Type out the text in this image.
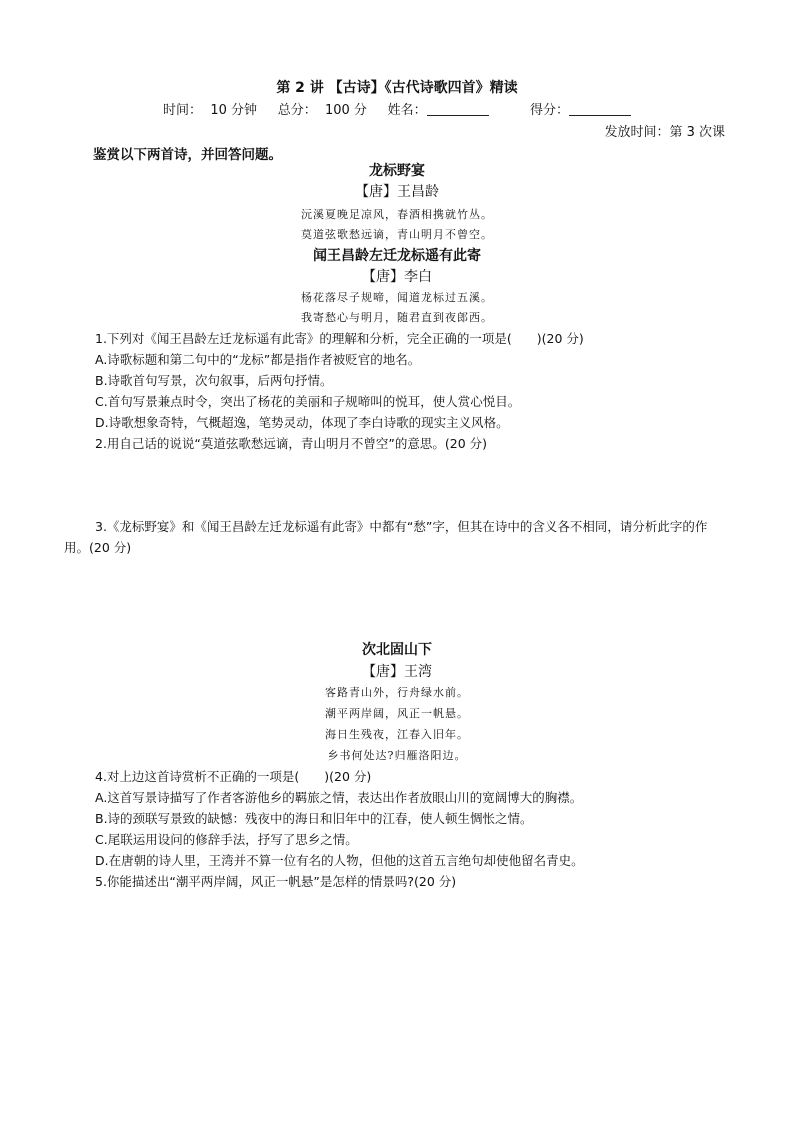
第 2 讲 【古诗】《古代诗歌四首》精读
时间： 10 分钟 总分： 100 分 姓名：	得分：
发放时间：第 3 次课
鉴赏以下两首诗，并回答问题。
龙标野宴
【唐】王昌龄
沅溪夏晚足凉风，春酒相携就竹丛。
莫道弦歌愁远谪，青山明月不曾空。
闻王昌龄左迁龙标遥有此寄
【唐】李白
杨花落尽子规啼，闻道龙标过五溪。
我寄愁心与明月，随君直到夜郎西。
1.下列对《闻王昌龄左迁龙标遥有此寄》的理解和分析，完全正确的一项是(　　)(20 分)
A.诗歌标题和第二句中的“龙标”都是指作者被贬官的地名。
B.诗歌首句写景，次句叙事，后两句抒情。
C.首句写景兼点时令，突出了杨花的美丽和子规啼叫的悦耳，使人赏心悦目。
D.诗歌想象奇特，气概超逸，笔势灵动，体现了李白诗歌的现实主义风格。
2.用自己话的说说“莫道弦歌愁远谪，青山明月不曾空”的意思。(20 分)
3.《龙标野宴》和《闻王昌龄左迁龙标遥有此寄》中都有“愁”字，但其在诗中的含义各不相同，请分析此字的作用。(20 分)
次北固山下
【唐】王湾
客路青山外，行舟绿水前。
潮平两岸阔，风正一帆悬。
海日生残夜，江春入旧年。
乡书何处达?归雁洛阳边。
4.对上边这首诗赏析不正确的一项是(　　)(20 分)
A.这首写景诗描写了作者客游他乡的羁旅之情，表达出作者放眼山川的宽阔博大的胸襟。
B.诗的颈联写景致的缺憾：残夜中的海日和旧年中的江春，使人顿生惆怅之情。
C.尾联运用设问的修辞手法，抒写了思乡之情。
D.在唐朝的诗人里，王湾并不算一位有名的人物，但他的这首五言绝句却使他留名青史。
5.你能描述出“潮平两岸阔，风正一帆悬”是怎样的情景吗?(20 分)
